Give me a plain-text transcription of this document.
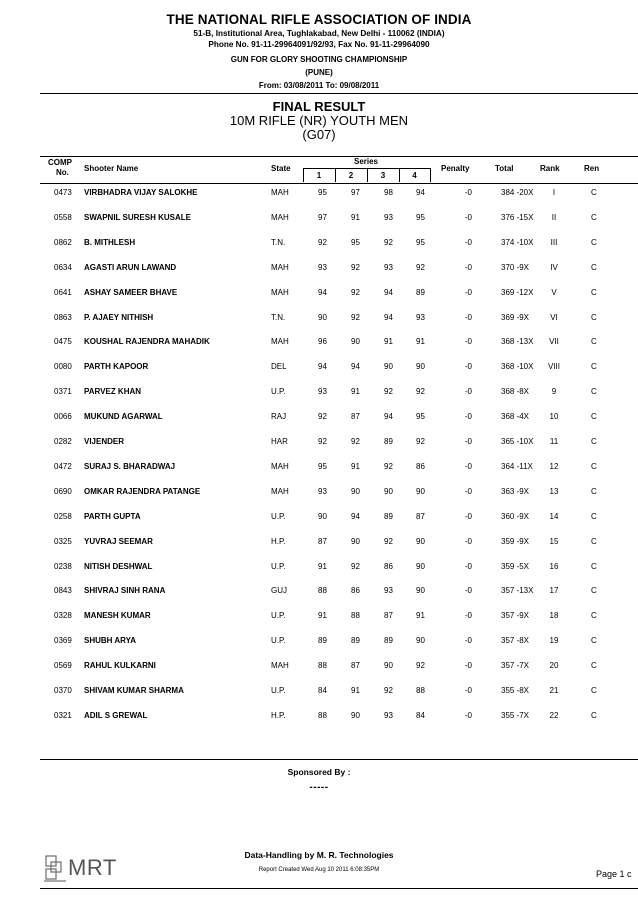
THE NATIONAL RIFLE ASSOCIATION OF INDIA
51-B, Institutional Area, Tughlakabad, New Delhi - 110062 (INDIA)
Phone No. 91-11-29964091/92/93, Fax No. 91-11-29964090
GUN FOR GLORY SHOOTING CHAMPIONSHIP
(PUNE)
From: 03/08/2011 To: 09/08/2011
FINAL RESULT
10M RIFLE (NR) YOUTH MEN
(G07)
COMP
No. Shooter Name	State
Series
1	2	3	4
Penalty	Total	Rank	Ren
0473 VIRBHADRA VIJAY SALOKHE	MAH	95	97	98	94	-0	384 -20X	I	C
0558 SWAPNIL SURESH KUSALE	MAH	97	91	93	95	-0	376 -15X	II	C
0862 B. MITHLESH	T.N.	92	95	92	95	-0	374 -10X	III	C
0634 AGASTI ARUN LAWAND	MAH	93	92	93	92	-0	370 -9X	IV	C
0641 ASHAY SAMEER BHAVE	MAH	94	92	94	89	-0	369 -12X	V	C
0863 P. AJAEY NITHISH	T.N.	90	92	94	93	-0	369 -9X	VI	C
0475 KOUSHAL RAJENDRA MAHADIK	MAH	96	90	91	91	-0	368 -13X	VII	C
0080 PARTH KAPOOR	DEL	94	94	90	90	-0	368 -10X	VIII	C
0371 PARVEZ KHAN	U.P.	93	91	92	92	-0	368 -8X	9	C
0066 MUKUND AGARWAL	RAJ	92	87	94	95	-0	368 -4X	10	C
0282 VIJENDER	HAR	92	92	89	92	-0	365 -10X	11	C
0472 SURAJ S. BHARADWAJ	MAH	95	91	92	86	-0	364 -11X	12	C
0690 OMKAR RAJENDRA PATANGE	MAH	93	90	90	90	-0	363 -9X	13	C
0258 PARTH GUPTA	U.P.	90	94	89	87	-0	360 -9X	14	C
0325 YUVRAJ SEEMAR	H.P.	87	90	92	90	-0	359 -9X	15	C
0238 NITISH DESHWAL	U.P.	91	92	86	90	-0	359 -5X	16	C
0843 SHIVRAJ SINH RANA	GUJ	88	86	93	90	-0	357 -13X	17	C
0328 MANESH KUMAR	U.P.	91	88	87	91	-0	357 -9X	18	C
0369 SHUBH ARYA	U.P.	89	89	89	90	-0	357 -8X	19	C
0569 RAHUL KULKARNI	MAH	88	87	90	92	-0	357 -7X	20	C
0370 SHIVAM KUMAR SHARMA	U.P.	84	91	92	88	-0	355 -8X	21	C
0321 ADIL S GREWAL	H.P.	88	90	93	84	-0	355 -7X	22	C
Sponsored By :
-----
MRT	Data-Handling by M. R. Technologies
Report Created Wed Aug 10 2011 6:08:35PM	Page 1 c
